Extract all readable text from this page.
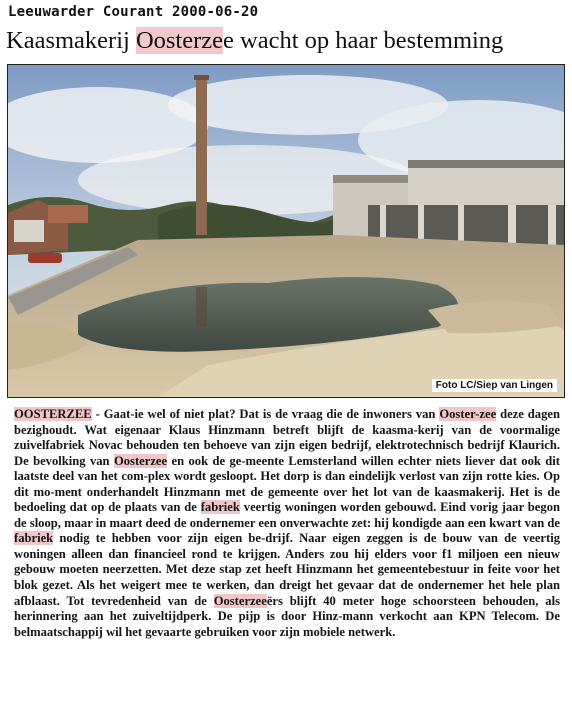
Leeuwarder Courant 2000-06-20
Kaasmakerij Oosterzee wacht op haar bestemming
Foto LC/Siep van Lingen
OOSTERZEE - Gaat-ie wel of niet plat? Dat is de vraag die de inwoners van Ooster-zee deze dagen bezighoudt. Wat eigenaar Klaus Hinzmann betreft blijft de kaasma-kerij van de voormalige zuivelfabriek Novac behouden ten behoeve van zijn eigen bedrijf, elektrotechnisch bedrijf Klaurich. De bevolking van Oosterzee en ook de ge-meente Lemsterland willen echter niets liever dat ook dit laatste deel van het com-plex wordt gesloopt. Het dorp is dan eindelijk verlost van zijn rotte kies. Op dit mo-ment onderhandelt Hinzmann met de gemeente over het lot van de kaasmakerij. Het is de bedoeling dat op de plaats van de fabriek veertig woningen worden gebouwd. Eind vorig jaar begon de sloop, maar in maart deed de ondernemer een onverwachte zet: hij kondigde aan een kwart van de fabriek nodig te hebben voor zijn eigen be-drijf. Naar eigen zeggen is de bouw van de veertig woningen alleen dan financieel rond te krijgen. Anders zou hij elders voor f1 miljoen een nieuw gebouw moeten neerzetten. Met deze stap zet heeft Hinzmann het gemeentebestuur in feite voor het blok gezet. Als het weigert mee te werken, dan dreigt het gevaar dat de ondernemer het hele plan afblaast. Tot tevredenheid van de Oosterzeeërs blijft 40 meter hoge schoorsteen behouden, als herinnering aan het zuiveltijdperk. De pijp is door Hinz-mann verkocht aan KPN Telecom. De belmaatschappij wil het gevaarte gebruiken voor zijn mobiele netwerk.
